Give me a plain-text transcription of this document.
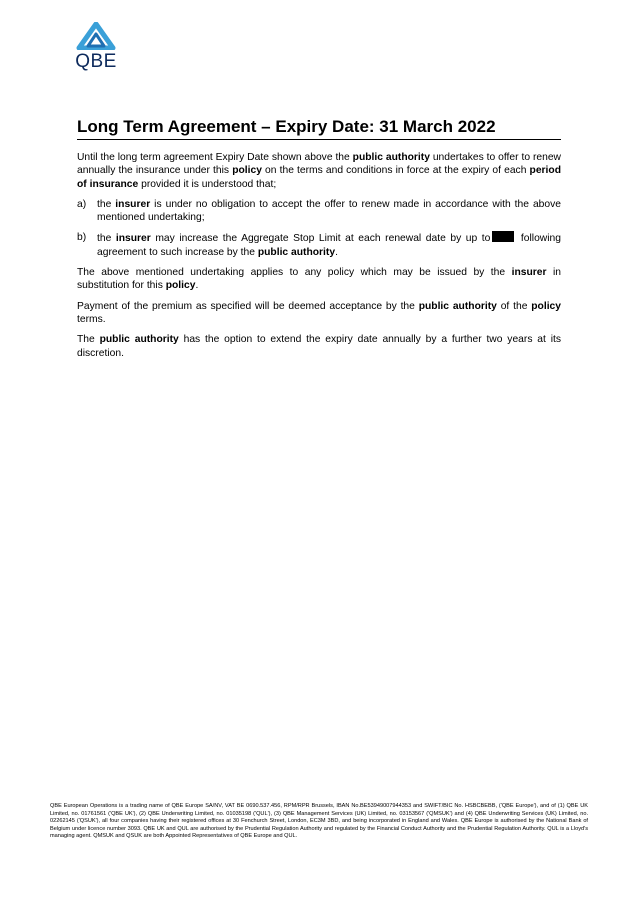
QBE
Long Term Agreement – Expiry Date: 31 March 2022

Until the long term agreement Expiry Date shown above the public authority undertakes to offer to renew annually the insurance under this policy on the terms and conditions in force at the expiry of each period of insurance provided it is understood that;

a)	the insurer is under no obligation to accept the offer to renew made in accordance with the above mentioned undertaking;
b)	the insurer may increase the Aggregate Stop Limit at each renewal date by up to	following agreement to such increase by the public authority.

The above mentioned undertaking applies to any policy which may be issued by the insurer in substitution for this policy.

Payment of the premium as specified will be deemed acceptance by the public authority of the policy terms.

The public authority has the option to extend the expiry date annually by a further two years at its discretion.

QBE European Operations is a trading name of QBE Europe SA/NV, VAT BE 0690.537.456, RPM/RPR Brussels, IBAN No.BE53949007944353 and SWIFT/BIC No. HSBCBEBB, ('QBE Europe'), and of (1) QBE UK Limited, no. 01761561 ('QBE UK'), (2) QBE Underwriting Limited, no. 01035198 ('QUL'), (3) QBE Management Services (UK) Limited, no. 03153567 ('QMSUK') and (4) QBE Underwriting Services (UK) Limited, no. 02262145 ('QSUK'), all four companies having their registered offices at 30 Fenchurch Street, London, EC3M 3BD, and being incorporated in England and Wales. QBE Europe is authorised by the National Bank of Belgium under licence number 3093. QBE UK and QUL are authorised by the Prudential Regulation Authority and regulated by the Financial Conduct Authority and the Prudential Regulation Authority. QUL is a Lloyd's managing agent. QMSUK and QSUK are both Appointed Representatives of QBE Europe and QUL.
